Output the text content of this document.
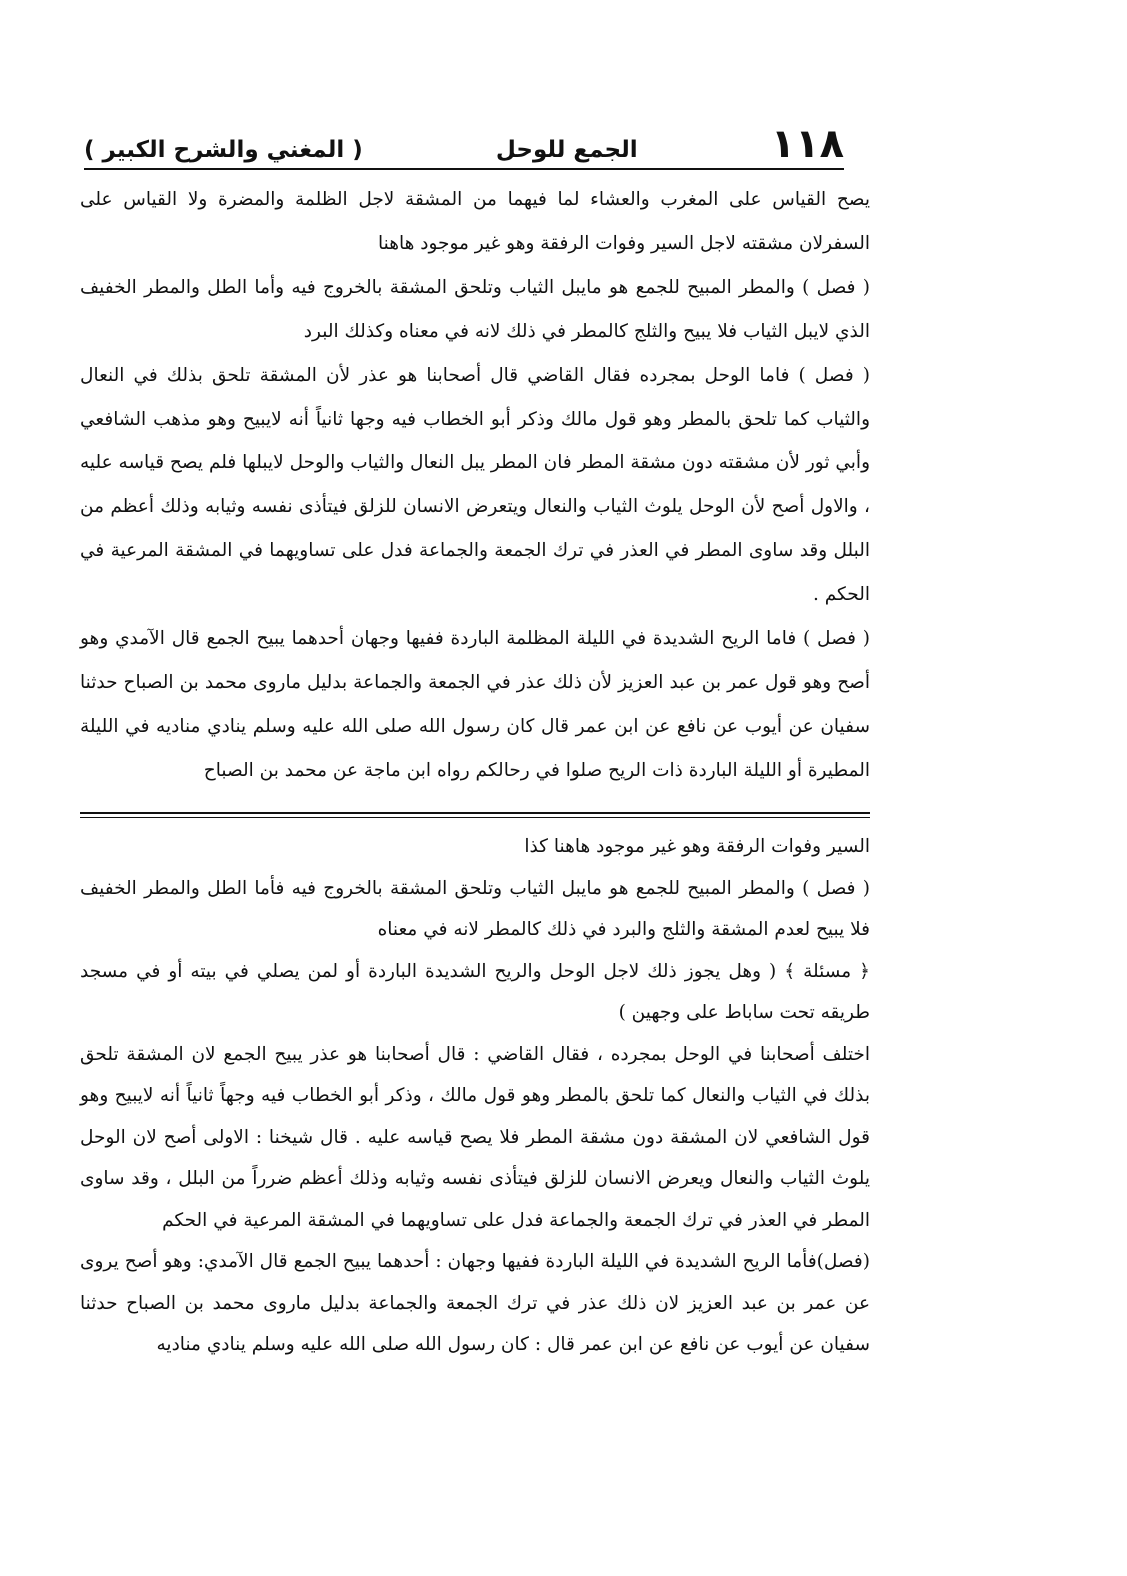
١١٨
الجمع للوحل
( المغني والشرح الكبير )

يصح القياس على المغرب والعشاء لما فيهما من المشقة لاجل الظلمة والمضرة ولا القياس على السفرلان مشقته لاجل السير وفوات الرفقة وهو غير موجود هاهنا

( فصل ) والمطر المبيح للجمع هو مايبل الثياب وتلحق المشقة بالخروج فيه وأما الطل والمطر الخفيف الذي لايبل الثياب فلا يبيح والثلج كالمطر في ذلك لانه في معناه وكذلك البرد

( فصل ) فاما الوحل بمجرده فقال القاضي قال أصحابنا هو عذر لأن المشقة تلحق بذلك في النعال والثياب كما تلحق بالمطر وهو قول مالك وذكر أبو الخطاب فيه وجها ثانياً أنه لايبيح وهو مذهب الشافعي وأبي ثور لأن مشقته دون مشقة المطر فان المطر يبل النعال والثياب والوحل لايبلها فلم يصح قياسه عليه ، والاول أصح لأن الوحل يلوث الثياب والنعال ويتعرض الانسان للزلق فيتأذى نفسه وثيابه وذلك أعظم من البلل وقد ساوى المطر في العذر في ترك الجمعة والجماعة فدل على تساويهما في المشقة المرعية في الحكم .

( فصل ) فاما الريح الشديدة في الليلة المظلمة الباردة ففيها وجهان أحدهما يبيح الجمع قال الآمدي وهو أصح وهو قول عمر بن عبد العزيز لأن ذلك عذر في الجمعة والجماعة بدليل ماروى محمد بن الصباح حدثنا سفيان عن أيوب عن نافع عن ابن عمر قال كان رسول الله صلى الله عليه وسلم ينادي مناديه في الليلة المطيرة أو الليلة الباردة ذات الريح صلوا في رحالكم رواه ابن ماجة عن محمد بن الصباح

السير وفوات الرفقة وهو غير موجود هاهنا كذا

( فصل ) والمطر المبيح للجمع هو مايبل الثياب وتلحق المشقة بالخروج فيه فأما الطل والمطر الخفيف فلا يبيح لعدم المشقة والثلج والبرد في ذلك كالمطر لانه في معناه

﴿ مسئلة ﴾ ( وهل يجوز ذلك لاجل الوحل والريح الشديدة الباردة أو لمن يصلي في بيته أو في مسجد طريقه تحت ساباط على وجهين )

اختلف أصحابنا في الوحل بمجرده ، فقال القاضي : قال أصحابنا هو عذر يبيح الجمع لان المشقة تلحق بذلك في الثياب والنعال كما تلحق بالمطر وهو قول مالك ، وذكر أبو الخطاب فيه وجهاً ثانياً أنه لايبيح وهو قول الشافعي لان المشقة دون مشقة المطر فلا يصح قياسه عليه . قال شيخنا : الاولى أصح لان الوحل يلوث الثياب والنعال ويعرض الانسان للزلق فيتأذى نفسه وثيابه وذلك أعظم ضرراً من البلل ، وقد ساوى المطر في العذر في ترك الجمعة والجماعة فدل على تساويهما في المشقة المرعية في الحكم

(فصل)فأما الريح الشديدة في الليلة الباردة ففيها وجهان : أحدهما يبيح الجمع قال الآمدي: وهو أصح يروى عن عمر بن عبد العزيز لان ذلك عذر في ترك الجمعة والجماعة بدليل ماروى محمد بن الصباح حدثنا سفيان عن أيوب عن نافع عن ابن عمر قال : كان رسول الله صلى الله عليه وسلم ينادي مناديه
